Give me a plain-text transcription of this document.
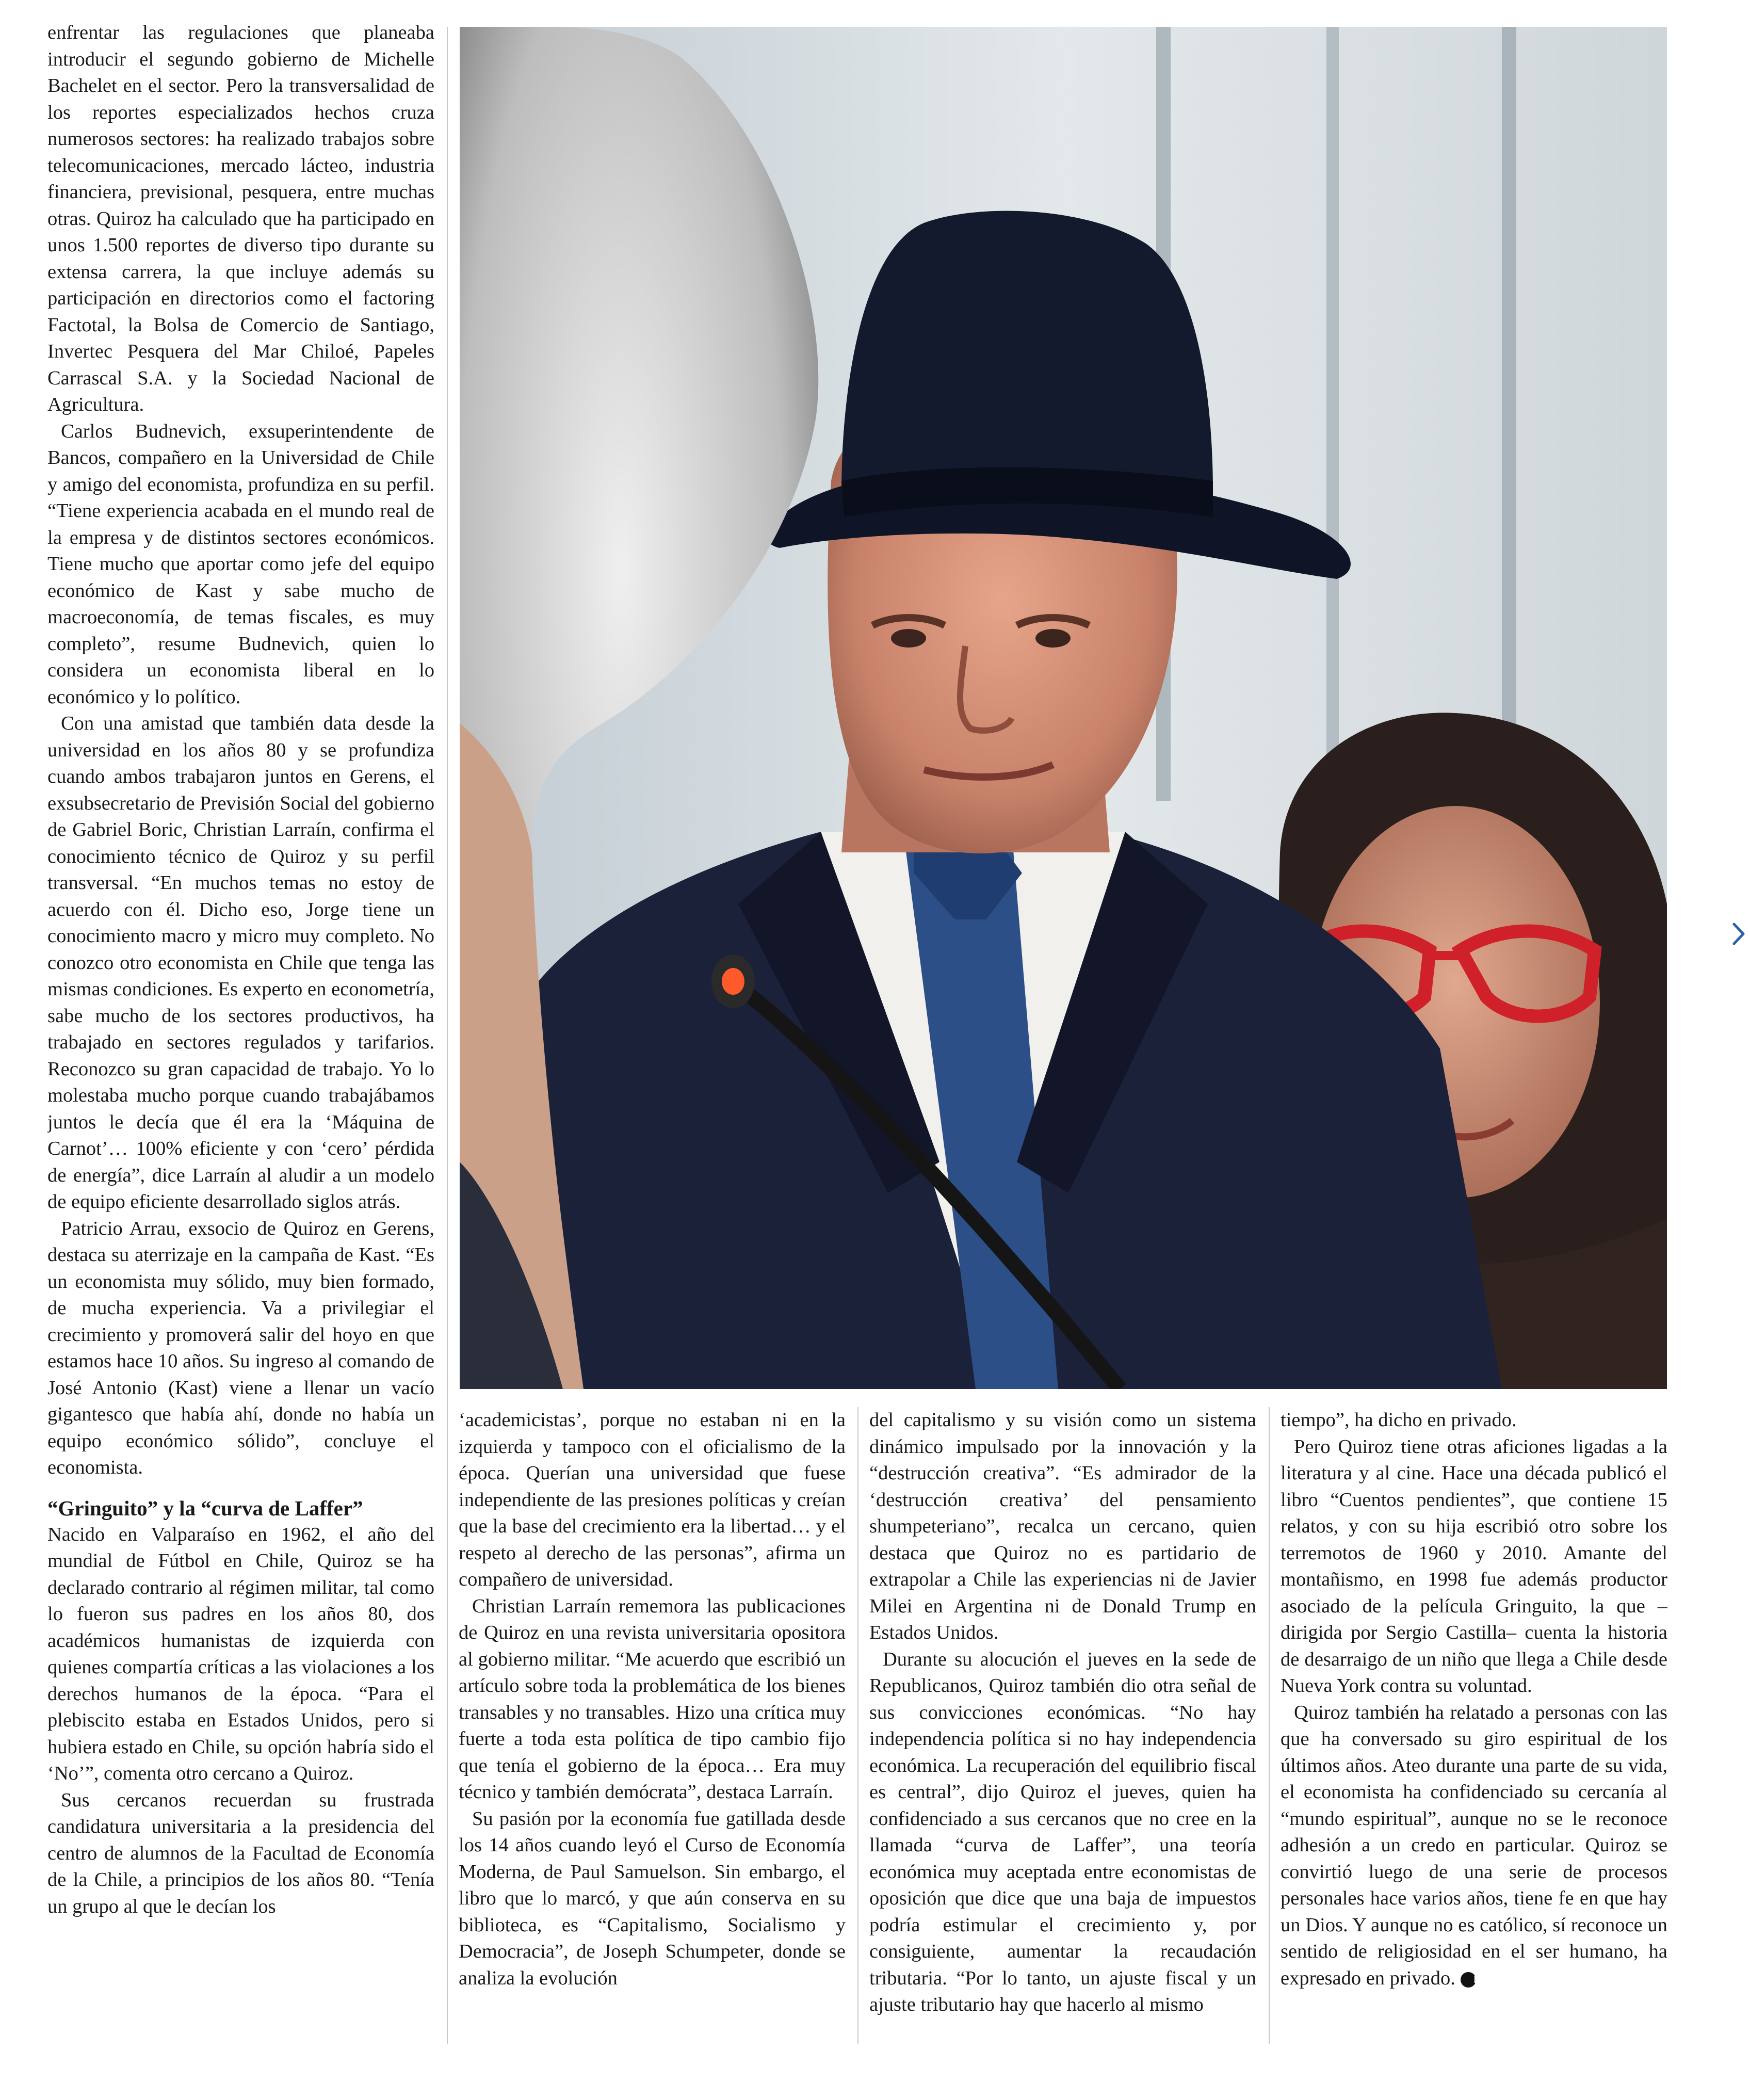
enfrentar las regulaciones que planeaba introducir el segundo gobierno de Michelle Bachelet en el sector. Pero la transversalidad de los reportes especializados hechos cruza numerosos sectores: ha realizado trabajos sobre telecomunicaciones, mercado lácteo, industria financiera, previsional, pesquera, entre muchas otras. Quiroz ha calculado que ha participado en unos 1.500 reportes de diverso tipo durante su extensa carrera, la que incluye además su participación en directorios como el factoring Factotal, la Bolsa de Comercio de Santiago, Invertec Pesquera del Mar Chiloé, Papeles Carrascal S.A. y la Sociedad Nacional de Agricultura.

Carlos Budnevich, exsuperintendente de Bancos, compañero en la Universidad de Chile y amigo del economista, profundiza en su perfil. “Tiene experiencia acabada en el mundo real de la empresa y de distintos sectores económicos. Tiene mucho que aportar como jefe del equipo económico de Kast y sabe mucho de macroeconomía, de temas fiscales, es muy completo”, resume Budnevich, quien lo considera un economista liberal en lo económico y lo político.

Con una amistad que también data desde la universidad en los años 80 y se profundiza cuando ambos trabajaron juntos en Gerens, el exsubsecretario de Previsión Social del gobierno de Gabriel Boric, Christian Larraín, confirma el conocimiento técnico de Quiroz y su perfil transversal. “En muchos temas no estoy de acuerdo con él. Dicho eso, Jorge tiene un conocimiento macro y micro muy completo. No conozco otro economista en Chile que tenga las mismas condiciones. Es experto en econometría, sabe mucho de los sectores productivos, ha trabajado en sectores regulados y tarifarios. Reconozco su gran capacidad de trabajo. Yo lo molestaba mucho porque cuando trabajábamos juntos le decía que él era la ‘Máquina de Carnot’… 100% eficiente y con ‘cero’ pérdida de energía”, dice Larraín al aludir a un modelo de equipo eficiente desarrollado siglos atrás.

Patricio Arrau, exsocio de Quiroz en Gerens, destaca su aterrizaje en la campaña de Kast. “Es un economista muy sólido, muy bien formado, de mucha experiencia. Va a privilegiar el crecimiento y promoverá salir del hoyo en que estamos hace 10 años. Su ingreso al comando de José Antonio (Kast) viene a llenar un vacío gigantesco que había ahí, donde no había un equipo económico sólido”, concluye el economista.

“Gringuito” y la “curva de Laffer”

Nacido en Valparaíso en 1962, el año del mundial de Fútbol en Chile, Quiroz se ha declarado contrario al régimen militar, tal como lo fueron sus padres en los años 80, dos académicos humanistas de izquierda con quienes compartía críticas a las violaciones a los derechos humanos de la época. “Para el plebiscito estaba en Estados Unidos, pero si hubiera estado en Chile, su opción habría sido el ‘No’”, comenta otro cercano a Quiroz.

Sus cercanos recuerdan su frustrada candidatura universitaria a la presidencia del centro de alumnos de la Facultad de Economía de la Chile, a principios de los años 80. “Tenía un grupo al que le decían los

‘academicistas’, porque no estaban ni en la izquierda y tampoco con el oficialismo de la época. Querían una universidad que fuese independiente de las presiones políticas y creían que la base del crecimiento era la libertad… y el respeto al derecho de las personas”, afirma un compañero de universidad.

Christian Larraín rememora las publicaciones de Quiroz en una revista universitaria opositora al gobierno militar. “Me acuerdo que escribió un artículo sobre toda la problemática de los bienes transables y no transables. Hizo una crítica muy fuerte a toda esta política de tipo cambio fijo que tenía el gobierno de la época… Era muy técnico y también demócrata”, destaca Larraín.

Su pasión por la economía fue gatillada desde los 14 años cuando leyó el Curso de Economía Moderna, de Paul Samuelson. Sin embargo, el libro que lo marcó, y que aún conserva en su biblioteca, es “Capitalismo, Socialismo y Democracia”, de Joseph Schumpeter, donde se analiza la evolución

del capitalismo y su visión como un sistema dinámico impulsado por la innovación y la “destrucción creativa”. “Es admirador de la ‘destrucción creativa’ del pensamiento shumpeteriano”, recalca un cercano, quien destaca que Quiroz no es partidario de extrapolar a Chile las experiencias ni de Javier Milei en Argentina ni de Donald Trump en Estados Unidos.

Durante su alocución el jueves en la sede de Republicanos, Quiroz también dio otra señal de sus convicciones económicas. “No hay independencia política si no hay independencia económica. La recuperación del equilibrio fiscal es central”, dijo Quiroz el jueves, quien ha confidenciado a sus cercanos que no cree en la llamada “curva de Laffer”, una teoría económica muy aceptada entre economistas de oposición que dice que una baja de impuestos podría estimular el crecimiento y, por consiguiente, aumentar la recaudación tributaria. “Por lo tanto, un ajuste fiscal y un ajuste tributario hay que hacerlo al mismo

tiempo”, ha dicho en privado.

Pero Quiroz tiene otras aficiones ligadas a la literatura y al cine. Hace una década publicó el libro “Cuentos pendientes”, que contiene 15 relatos, y con su hija escribió otro sobre los terremotos de 1960 y 2010. Amante del montañismo, en 1998 fue además productor asociado de la película Gringuito, la que –dirigida por Sergio Castilla– cuenta la historia de desarraigo de un niño que llega a Chile desde Nueva York contra su voluntad.

Quiroz también ha relatado a personas con las que ha conversado su giro espiritual de los últimos años. Ateo durante una parte de su vida, el economista ha confidenciado su cercanía al “mundo espiritual”, aunque no se le reconoce adhesión a un credo en particular. Quiroz se convirtió luego de una serie de procesos personales hace varios años, tiene fe en que hay un Dios. Y aunque no es católico, sí reconoce un sentido de religiosidad en el ser humano, ha expresado en privado. P
